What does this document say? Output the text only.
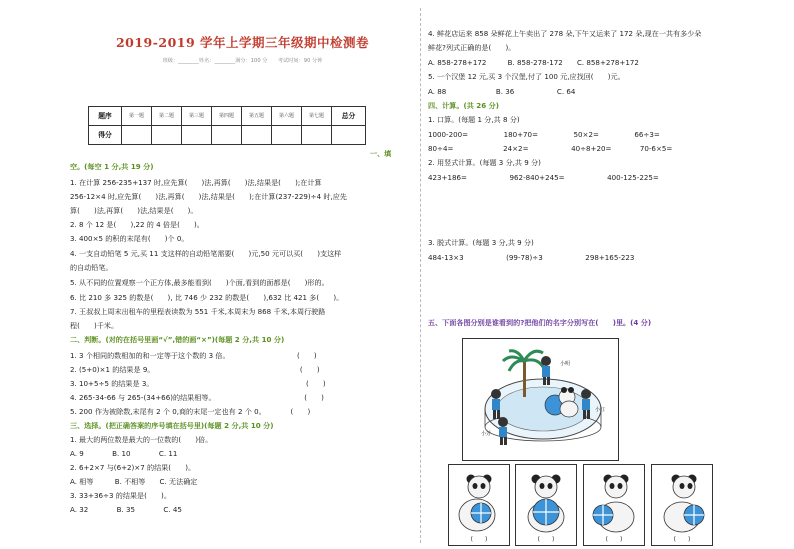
2019-2019 学年上学期三年级期中检测卷
班级：________姓名：________满分：100 分　　考试时间：90 分钟
题序	第一题	第二题	第三题	第四题	第五题	第六题	第七题	总分
得分								
一、填
空。(每空 1 分,共 19 分)
1. 在计算 256-235+137 时,应先算(　　)法,再算(　　)法,结果是(　　);在计算
256-12×4 时,应先算(　　)法,再算(　　)法,结果是(　　);在计算(237-229)÷4 时,应先
算(　　)法,再算(　　)法,结果是(　　)。
2. 8 个 12 是(　　),22 的 4 倍是(　　)。
3. 400×5 的积的末尾有(　　)个 0。
4. 一支自动铅笔 5 元,买 11 支这样的自动铅笔需要(　　)元,50 元可以买(　　)支这样
的自动铅笔。
5. 从不同的位置观察一个正方体,最多能看到(　　)个面,看到的面都是(　　)形的。
6. 比 210 多 325 的数是(　　), 比 746 少 232 的数是(　　),632 比 421 多(　　)。
7. 王叔叔上周末出租车的里程表读数为 551 千米,本周末为 868 千米,本周行驶路
程(　　)千米。
二、判断。(对的在括号里画“√”,错的画“×”)(每题 2 分,共 10 分)
1. 3 个相同的数相加的和一定等于这个数的 3 倍。　　　　　　　　　　(　　)
2. (5+0)×1 的结果是 9。　　　　　　　　　　　　　　　　　　　　　(　　)
3. 10+5÷5 的结果是 3。　　　　　　　　　　　　　　　　　　　　　　(　　)
4. 265-34-66 与 265-(34+66)的结果相等。　　　　　　　　　　　　　(　　)
5. 200 作为被除数,末尾有 2 个 0,商的末尾一定也有 2 个 0。　　　　(　　)
三、选择。(把正确答案的序号填在括号里)(每题 2 分,共 10 分)
1. 最大的两位数是最大的一位数的(　　)倍。
A. 9　　　　B. 10　　　　C. 11
2. 6+2×7 与(6+2)×7 的结果(　　)。
A. 相等　　　B. 不相等　　C. 无法确定
3. 33+36÷3 的结果是(　　)。
A. 32　　　　B. 35　　　　C. 45
4. 鲜花店运来 858 朵鲜花上午卖出了 278 朵,下午又运来了 172 朵,现在一共有多少朵
鲜花?列式正确的是(　　)。
A. 858-278+172　　　B. 858-278-172　　C. 858+278+172
5. 一个汉堡 12 元,买 3 个汉堡,付了 100 元,应找回(　　)元。
A. 88　　　　　　　B. 36　　　　　　C. 64
四、计算。(共 26 分)
1. 口算。(每题 1 分,共 8 分)
1000-200=　　　　　180+70=　　　　　50×2=　　　　　66÷3=
80÷4=　　　　　　　24×2=　　　　　　40÷8+20=　　　　70-6×5=
2. 用竖式计算。(每题 3 分,共 9 分)
423+186=　　　　　　962-840+245=　　　　　　400-125-225=
3. 脱式计算。(每题 3 分,共 9 分)
484-13×3　　　　　　(99-78)÷3　　　　　　298+165-223
五、下面各图分别是谁看到的?把他们的名字分别写在(　　)里。(4 分)
小明
小红
小芳
(　　)	(　　)	(　　)	(　　)
